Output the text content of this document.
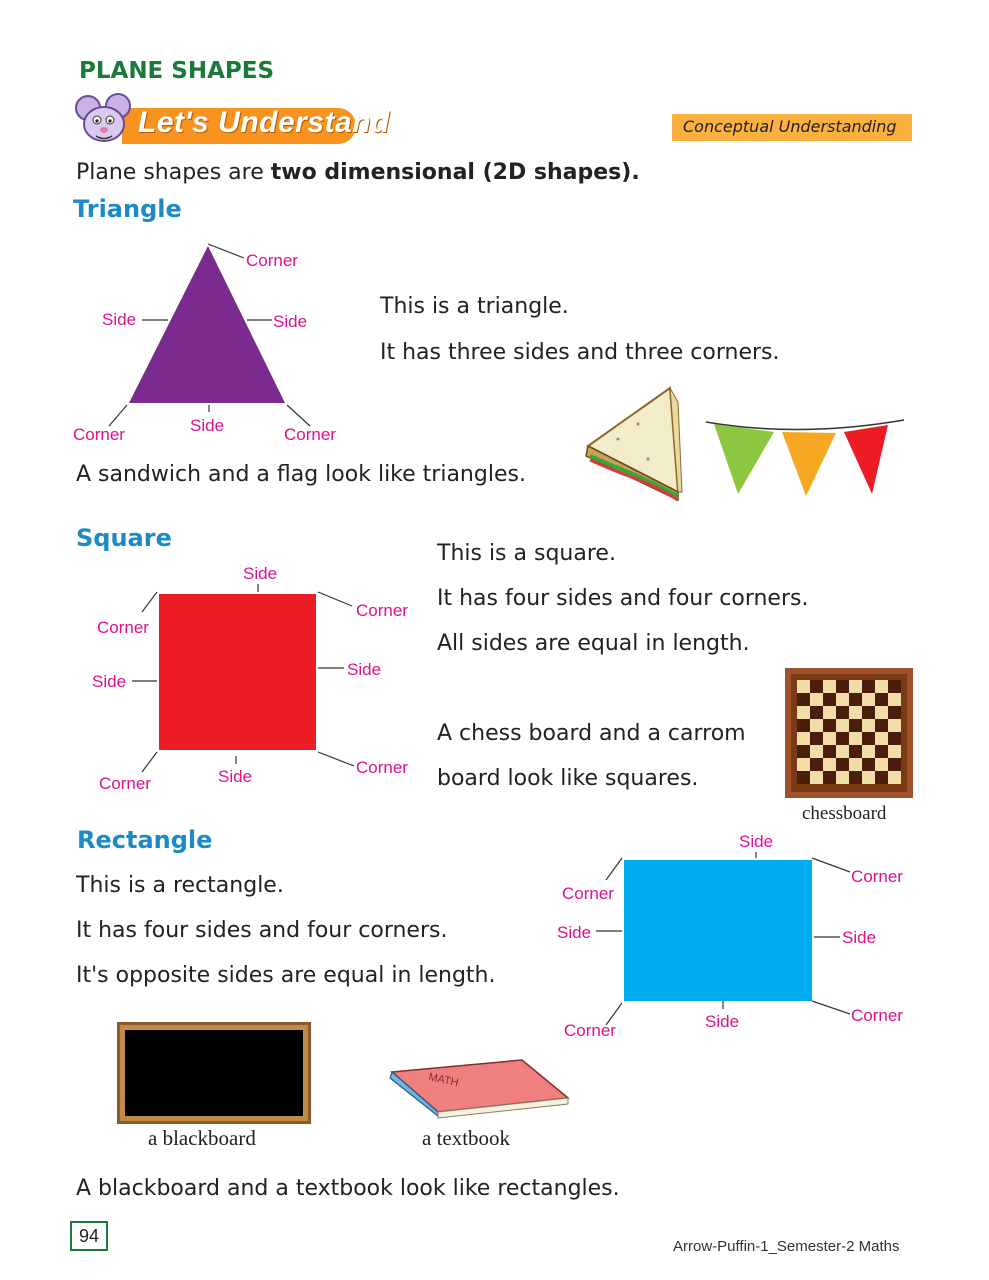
PLANE SHAPES
Let's Understand	Conceptual Understanding
Plane shapes are two dimensional (2D shapes).
Triangle
Corner
Side	Side
Corner	Side	Corner
This is a triangle.
It has three sides and three corners.
A sandwich and a flag look like triangles.
Square
Side
Corner
Corner
Side
Side
Corner	Side	Corner
This is a square.
It has four sides and four corners.
All sides are equal in length.
A chess board and a carrom
board look like squares.
chessboard
Rectangle
This is a rectangle.
It has four sides and four corners.
It's opposite sides are equal in length.
Side
Corner
Corner
Side	Side
Corner	Side	Corner
a blackboard
MATH
a textbook
A blackboard and a textbook look like rectangles.
94
Arrow-Puffin-1_Semester-2 Maths
